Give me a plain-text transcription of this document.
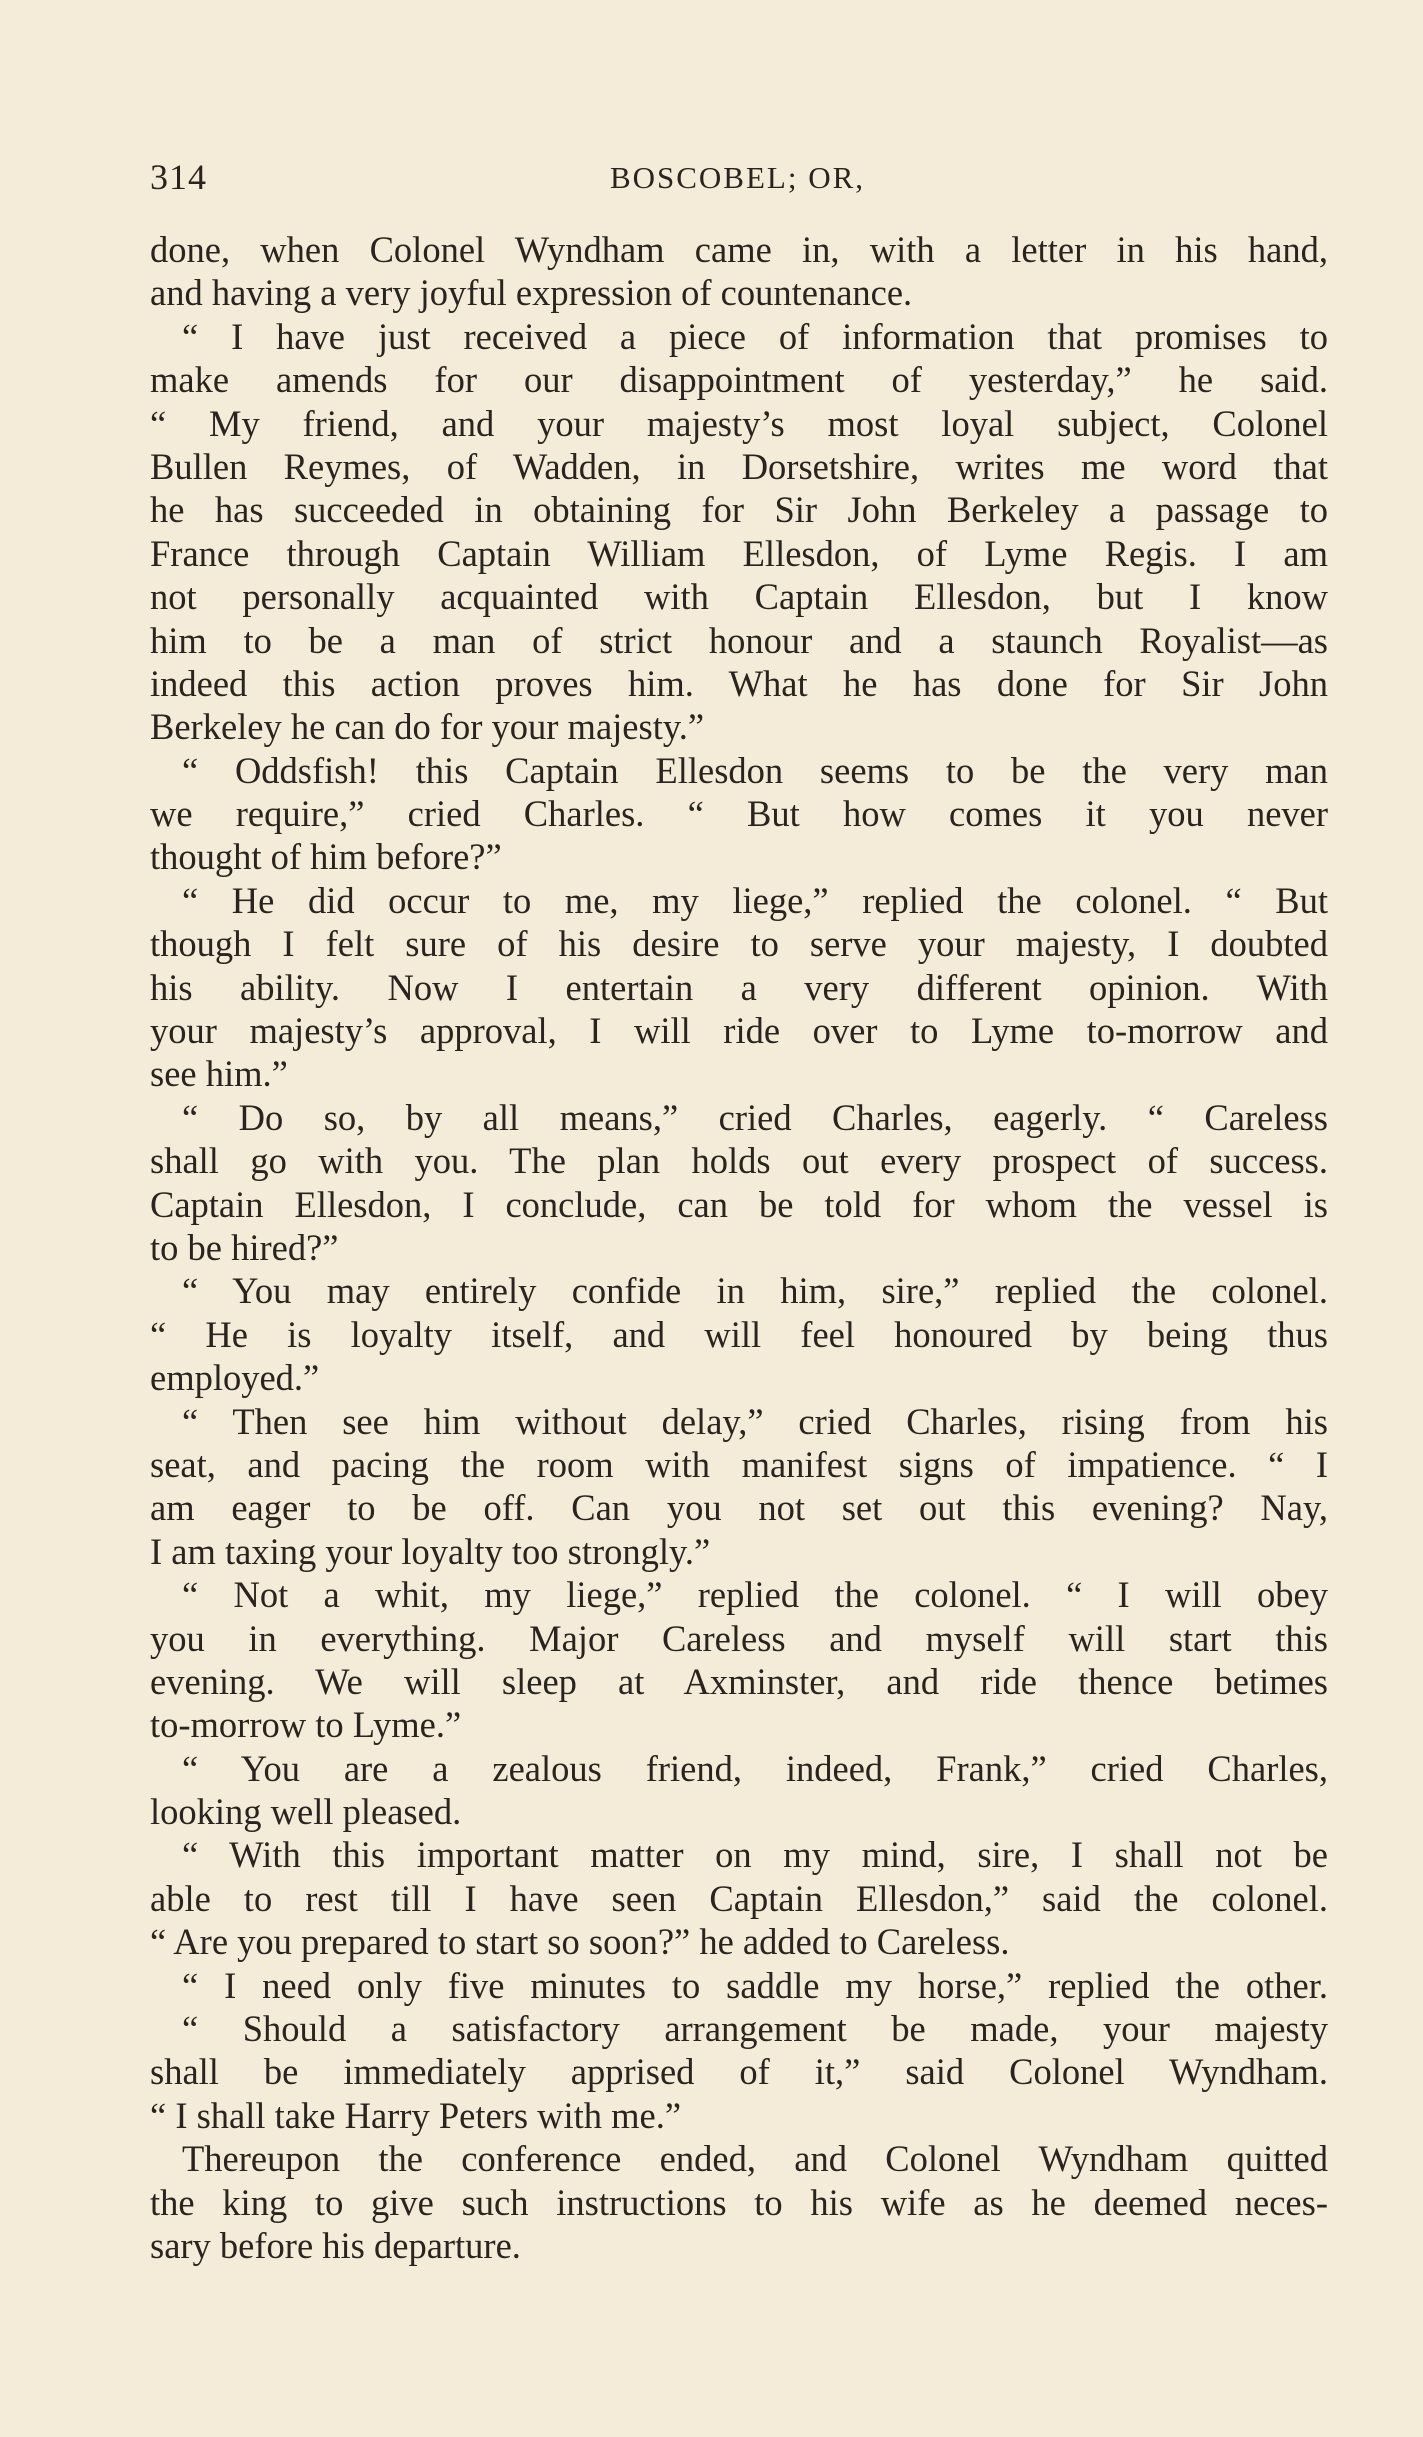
314	BOSCOBEL; OR,
done, when Colonel Wyndham came in, with a letter in his hand,
and having a very joyful expression of countenance.
“ I have just received a piece of information that promises to
make amends for our disappointment of yesterday,” he said.
“ My friend, and your majesty’s most loyal subject, Colonel
Bullen Reymes, of Wadden, in Dorsetshire, writes me word that
he has succeeded in obtaining for Sir John Berkeley a passage to
France through Captain William Ellesdon, of Lyme Regis. I am
not personally acquainted with Captain Ellesdon, but I know
him to be a man of strict honour and a staunch Royalist—as
indeed this action proves him. What he has done for Sir John
Berkeley he can do for your majesty.”
“ Oddsfish! this Captain Ellesdon seems to be the very man
we require,” cried Charles. “ But how comes it you never
thought of him before?”
“ He did occur to me, my liege,” replied the colonel. “ But
though I felt sure of his desire to serve your majesty, I doubted
his ability. Now I entertain a very different opinion. With
your majesty’s approval, I will ride over to Lyme to-morrow and
see him.”
“ Do so, by all means,” cried Charles, eagerly. “ Careless
shall go with you. The plan holds out every prospect of success.
Captain Ellesdon, I conclude, can be told for whom the vessel is
to be hired?”
“ You may entirely confide in him, sire,” replied the colonel.
“ He is loyalty itself, and will feel honoured by being thus
employed.”
“ Then see him without delay,” cried Charles, rising from his
seat, and pacing the room with manifest signs of impatience. “ I
am eager to be off. Can you not set out this evening? Nay,
I am taxing your loyalty too strongly.”
“ Not a whit, my liege,” replied the colonel. “ I will obey
you in everything. Major Careless and myself will start this
evening. We will sleep at Axminster, and ride thence betimes
to-morrow to Lyme.”
“ You are a zealous friend, indeed, Frank,” cried Charles,
looking well pleased.
“ With this important matter on my mind, sire, I shall not be
able to rest till I have seen Captain Ellesdon,” said the colonel.
“ Are you prepared to start so soon?” he added to Careless.
“ I need only five minutes to saddle my horse,” replied the other.
“ Should a satisfactory arrangement be made, your majesty
shall be immediately apprised of it,” said Colonel Wyndham.
“ I shall take Harry Peters with me.”
Thereupon the conference ended, and Colonel Wyndham quitted
the king to give such instructions to his wife as he deemed neces-
sary before his departure.
